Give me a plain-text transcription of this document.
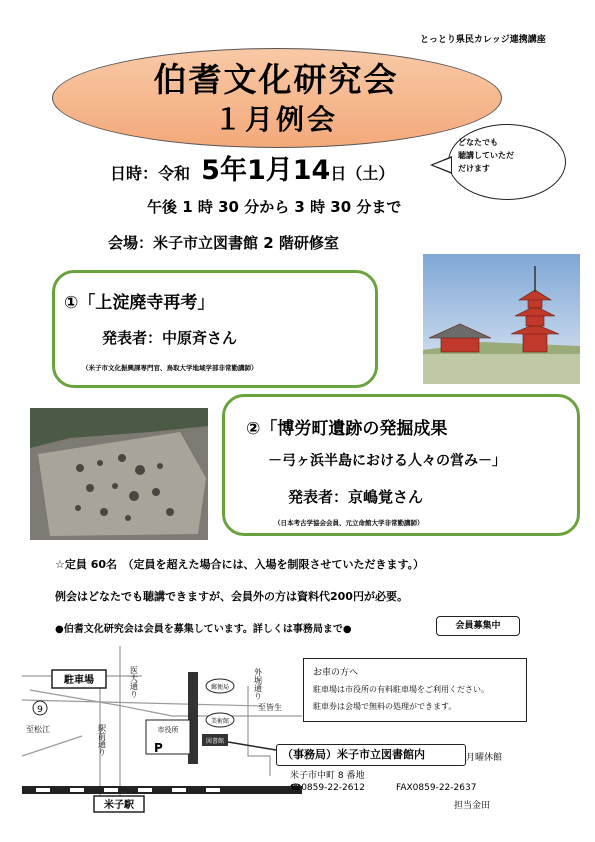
とっとり県民カレッジ連携講座
伯耆文化研究会
１月例会
どなたでも
聴講していただ
だけます
日時：令和 5年1月14日（土）
午後 1 時 30 分から 3 時 30 分まで
会場：米子市立図書館 2 階研修室
①「上淀廃寺再考」
発表者：中原斉さん
（米子市文化振興課専門官、鳥取大学地域学部非常勤講師）
②「博労町遺跡の発掘成果
－弓ヶ浜半島における人々の営み－」
発表者：京嶋覚さん
（日本考古学協会会員、元立命館大学非常勤講師）
☆定員 60名　（定員を超えた場合には、入場を制限させていただきます。）
例会はどなたでも聴講できますが、会員外の方は資料代200円が必要。
●伯耆文化研究会は会員を募集しています。詳しくは事務局まで●	会員募集中
駐車場
9
至松江
至皆生
医大通り
駅前通り
外堀通り
市役所
P
郵便局
美術館
図書館
米子駅
お車の方へ
駐車場は市役所の有料駐車場をご利用ください。
駐車券は会場で無料の処理ができます。
（事務局）米子市立図書館内	月曜休館
米子市中町 8 番地
☎0859-22-2612	FAX0859-22-2637
担当金田
